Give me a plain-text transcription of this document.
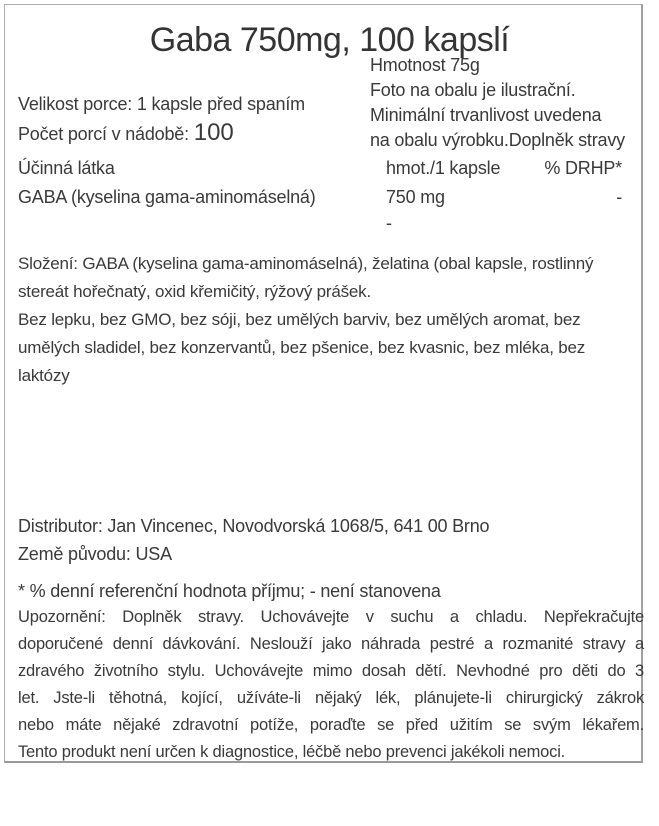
Gaba 750mg, 100 kapslí
Hmotnost 75g
Foto na obalu je ilustrační.
Minimální trvanlivost uvedena
na obalu výrobku.Doplněk stravy
Velikost porce: 1 kapsle před spaním
Počet porcí v nádobě: 100
Účinná látka	hmot./1 kapsle	% DRHP*
GABA (kyselina gama-aminomáselná)	750 mg	-
-
Složení: GABA (kyselina gama-aminomáselná), želatina (obal kapsle, rostlinný
stereát hořečnatý, oxid křemičitý, rýžový prášek.
Bez lepku, bez GMO, bez sóji, bez umělých barviv, bez umělých aromat, bez
umělých sladidel, bez konzervantů, bez pšenice, bez kvasnic, bez mléka, bez
laktózy
Distributor: Jan Vincenec, Novodvorská 1068/5, 641 00 Brno
Země původu: USA
* % denní referenční hodnota příjmu; - není stanovena
Upozornění: Doplněk stravy. Uchovávejte v suchu a chladu. Nepřekračujte
doporučené denní dávkování. Neslouží jako náhrada pestré a rozmanité stravy a
zdravého životního stylu. Uchovávejte mimo dosah dětí. Nevhodné pro děti do 3
let. Jste-li těhotná, kojící, užíváte-li nějaký lék, plánujete-li chirurgický zákrok
nebo máte nějaké zdravotní potíže, poraďte se před užitím se svým lékařem.
Tento produkt není určen k diagnostice, léčbě nebo prevenci jakékoli nemoci.
